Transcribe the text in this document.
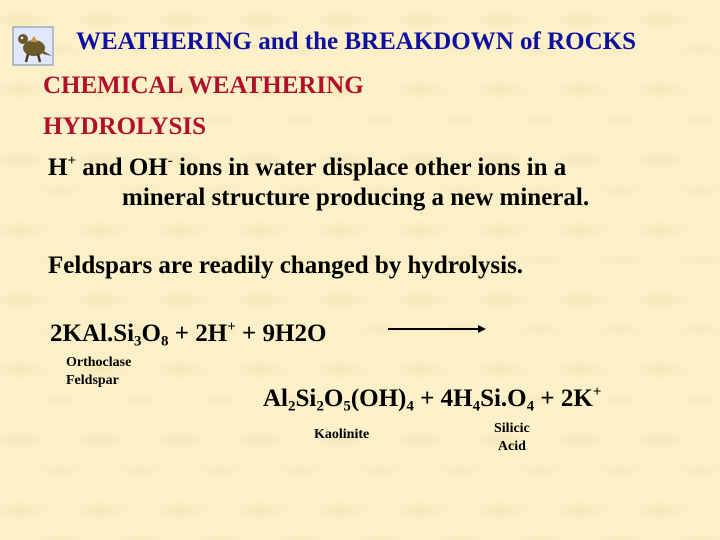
WEATHERING and the BREAKDOWN of ROCKS
CHEMICAL WEATHERING
HYDROLYSIS
H+ and OH- ions in water displace other ions in a
mineral structure producing a new mineral.
Feldspars are readily changed by hydrolysis.
$2KAl.Si_3O_8 + 2H^+ + 9H2O$
Orthoclase
Feldspar
$Al_2Si_2O_5(OH)_4 + 4H_4Si.O_4 + 2K^+$
Kaolinite	Silicic
Acid
